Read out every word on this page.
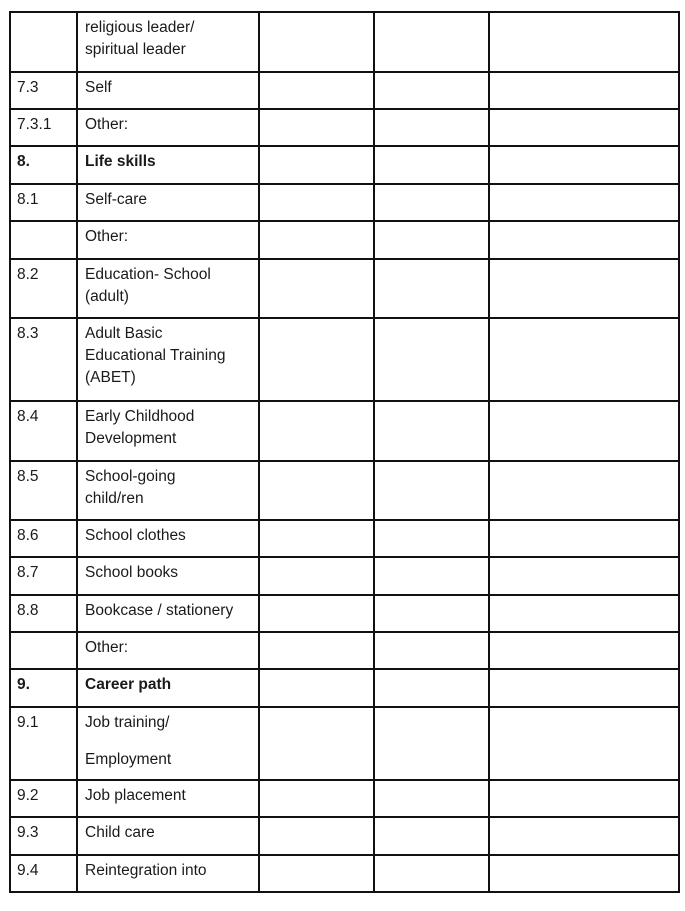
	religious leader/
spiritual leader			
7.3	Self			
7.3.1	Other:			
8.	Life skills			
8.1	Self-care			
	Other:			
8.2	Education- School
(adult)			
8.3	Adult Basic
Educational Training
(ABET)			
8.4	Early Childhood
Development			
8.5	School-going
child/ren			
8.6	School clothes			
8.7	School books			
8.8	Bookcase / stationery			
	Other:			
9.	Career path			
9.1	Job training/
Employment			
9.2	Job placement			
9.3	Child care			
9.4	Reintegration into			
